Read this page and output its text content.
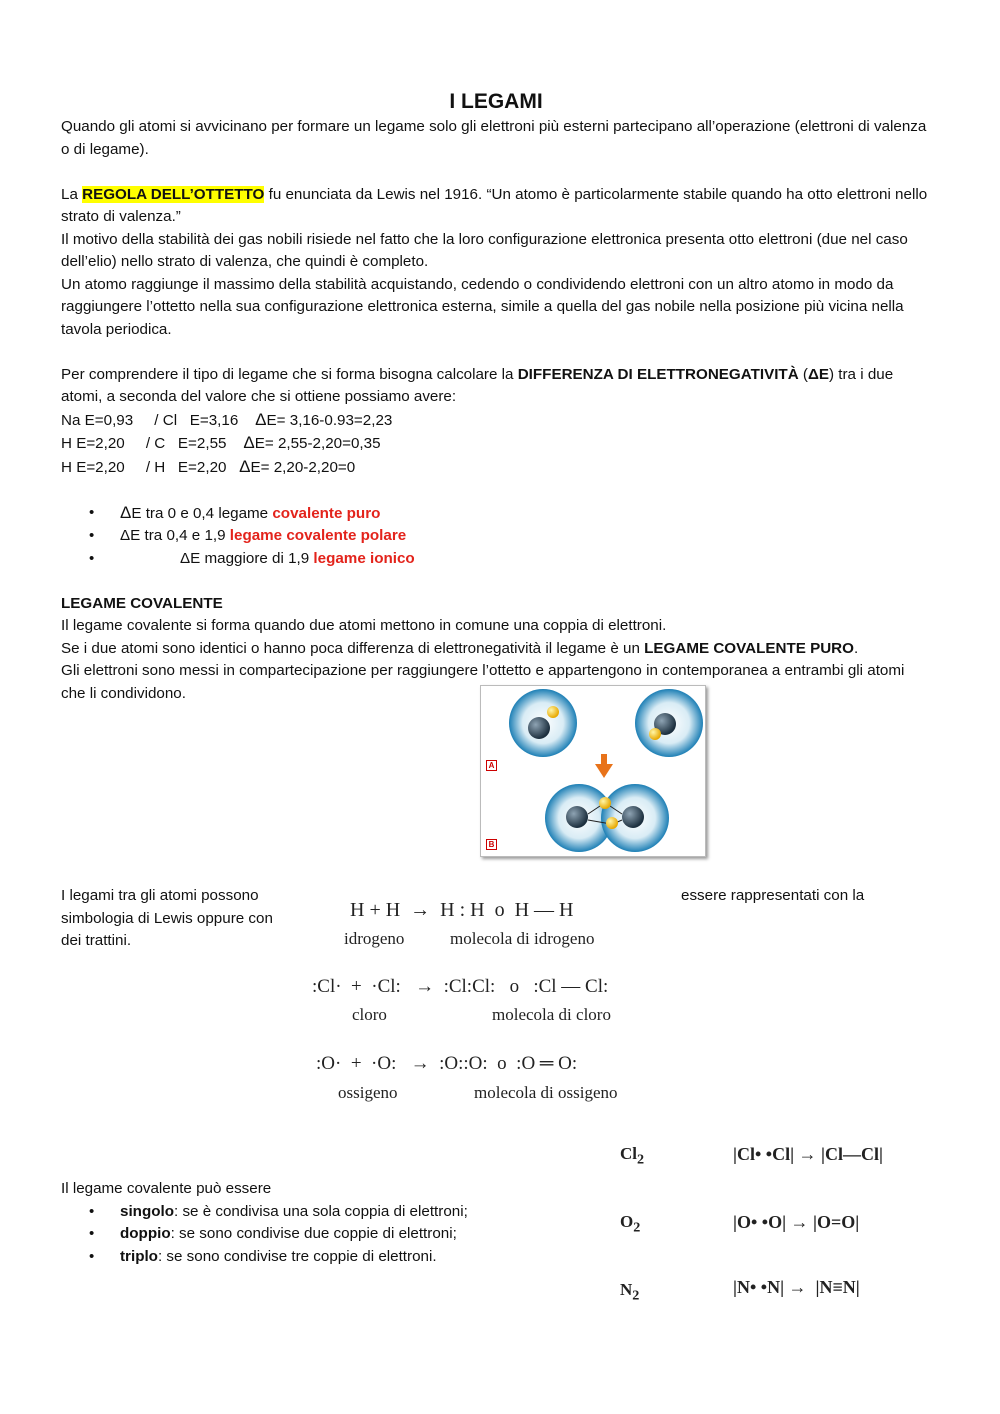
I LEGAMI

Quando gli atomi si avvicinano per formare un legame solo gli elettroni più esterni partecipano all’operazione (elettroni di valenza o di legame).

La REGOLA DELL’OTTETTO fu enunciata da Lewis nel 1916. “Un atomo è particolarmente stabile quando ha otto elettroni nello strato di valenza.”

Il motivo della stabilità dei gas nobili risiede nel fatto che la loro configurazione elettronica presenta otto elettroni (due nel caso dell’elio) nello strato di valenza, che quindi è completo.

Un atomo raggiunge il massimo della stabilità acquistando, cedendo o condividendo elettroni con un altro atomo in modo da raggiungere l’ottetto nella sua configurazione elettronica esterna, simile a quella del gas nobile nella posizione più vicina nella tavola periodica.

Per comprendere il tipo di legame che si forma bisogna calcolare la DIFFERENZA DI ELETTRONEGATIVITÀ (ΔE) tra i due atomi, a seconda del valore che si ottiene possiamo avere:

Na E=0,93     / Cl   E=3,16    ΔE= 3,16-0.93=2,23

H E=2,20     / C   E=2,55    ΔE= 2,55-2,20=0,35

H E=2,20     / H   E=2,20   ΔE= 2,20-2,20=0

• ΔE tra 0 e 0,4 legame covalente puro
• ΔE tra 0,4 e 1,9 legame covalente polare
• ΔE maggiore di 1,9 legame ionico

LEGAME COVALENTE

Il legame covalente si forma quando due atomi mettono in comune una coppia di elettroni.

Se i due atomi sono identici o hanno poca differenza di elettronegatività il legame è un LEGAME COVALENTE PURO.

Gli elettroni sono messi in compartecipazione per raggiungere l’ottetto e appartengono in contemporanea a entrambi gli atomi che li condividono.

A
B
I legami tra gli atomi possono simbologia di Lewis oppure con dei trattini.
essere rappresentati con la
H + H  →  H : H  o  H — H
idrogeno	molecola di idrogeno
:Cl·  +  ·Cl:   →  :Cl:Cl:   o   :Cl — Cl:
cloro	molecola di cloro
:O·  +  ·O:   →  :O::O:  o  :O ═ O:
ossigeno	molecola di ossigeno

Il legame covalente può essere

• singolo: se è condivisa una sola coppia di elettroni;
• doppio: se sono condivise due coppie di elettroni;
• triplo: se sono condivise tre coppie di elettroni.
$Cl_2$	|Cl• •Cl| → |Cl—Cl|
$O_2$	|O• •O| → |O=O|
$N_2$	|N• •N| →  |N≡N|
